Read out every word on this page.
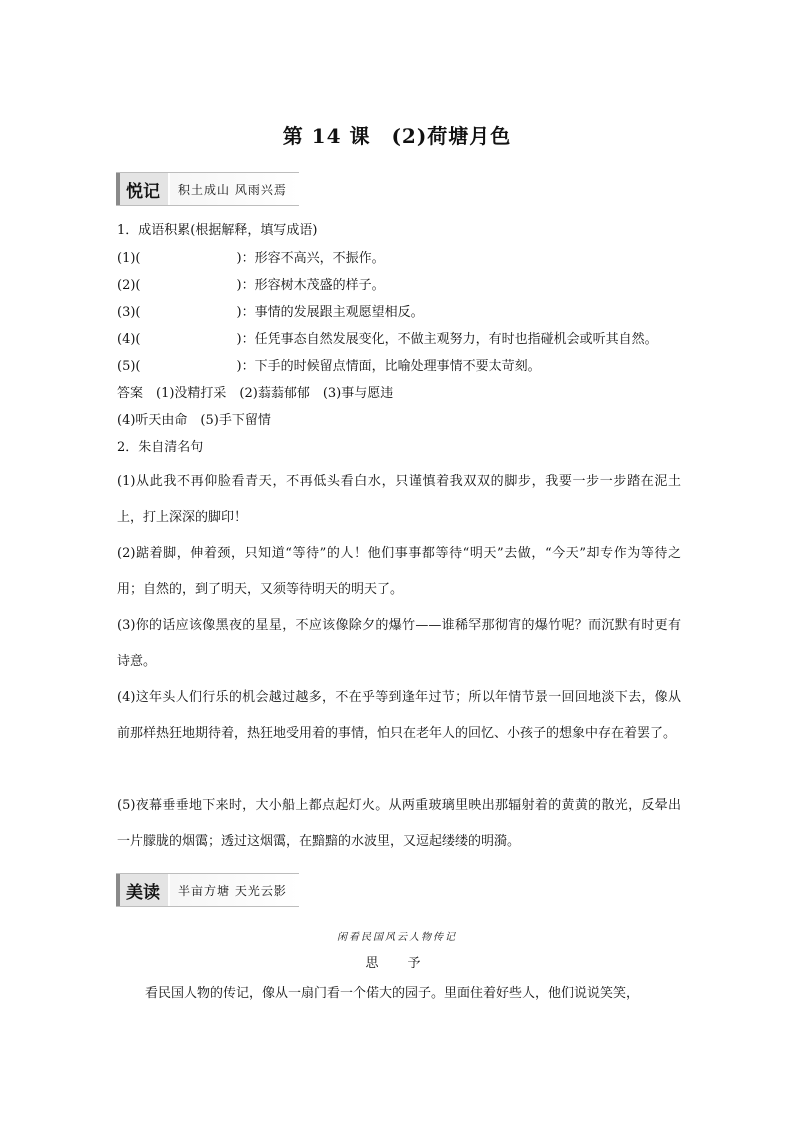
第 14 课　(2)荷塘月色
悦记	积土成山 风雨兴焉
1．成语积累(根据解释，填写成语)
(1)(	)：形容不高兴，不振作。
(2)(	)：形容树木茂盛的样子。
(3)(	)：事情的发展跟主观愿望相反。
(4)(	)：任凭事态自然发展变化，不做主观努力，有时也指碰机会或听其自然。
(5)(	)：下手的时候留点情面，比喻处理事情不要太苛刻。
答案　(1)没精打采　(2)蓊蓊郁郁　(3)事与愿违
(4)听天由命　(5)手下留情
2．朱自清名句
(1)从此我不再仰脸看青天，不再低头看白水，只谨慎着我双双的脚步，我要一步一步踏在泥土上，打上深深的脚印！
(2)踮着脚，伸着颈，只知道“等待”的人！他们事事都等待“明天”去做，“今天”却专作为等待之用；自然的，到了明天，又须等待明天的明天了。
(3)你的话应该像黑夜的星星，不应该像除夕的爆竹——谁稀罕那彻宵的爆竹呢？而沉默有时更有诗意。
(4)这年头人们行乐的机会越过越多，不在乎等到逢年过节；所以年情节景一回回地淡下去，像从前那样热狂地期待着，热狂地受用着的事情，怕只在老年人的回忆、小孩子的想象中存在着罢了。
(5)夜幕垂垂地下来时，大小船上都点起灯火。从两重玻璃里映出那辐射着的黄黄的散光，反晕出一片朦胧的烟霭；透过这烟霭，在黯黯的水波里，又逗起缕缕的明漪。
美读	半亩方塘 天光云影
闲看民国风云人物传记
思　予
看民国人物的传记，像从一扇门看一个偌大的园子。里面住着好些人，他们说说笑笑，
